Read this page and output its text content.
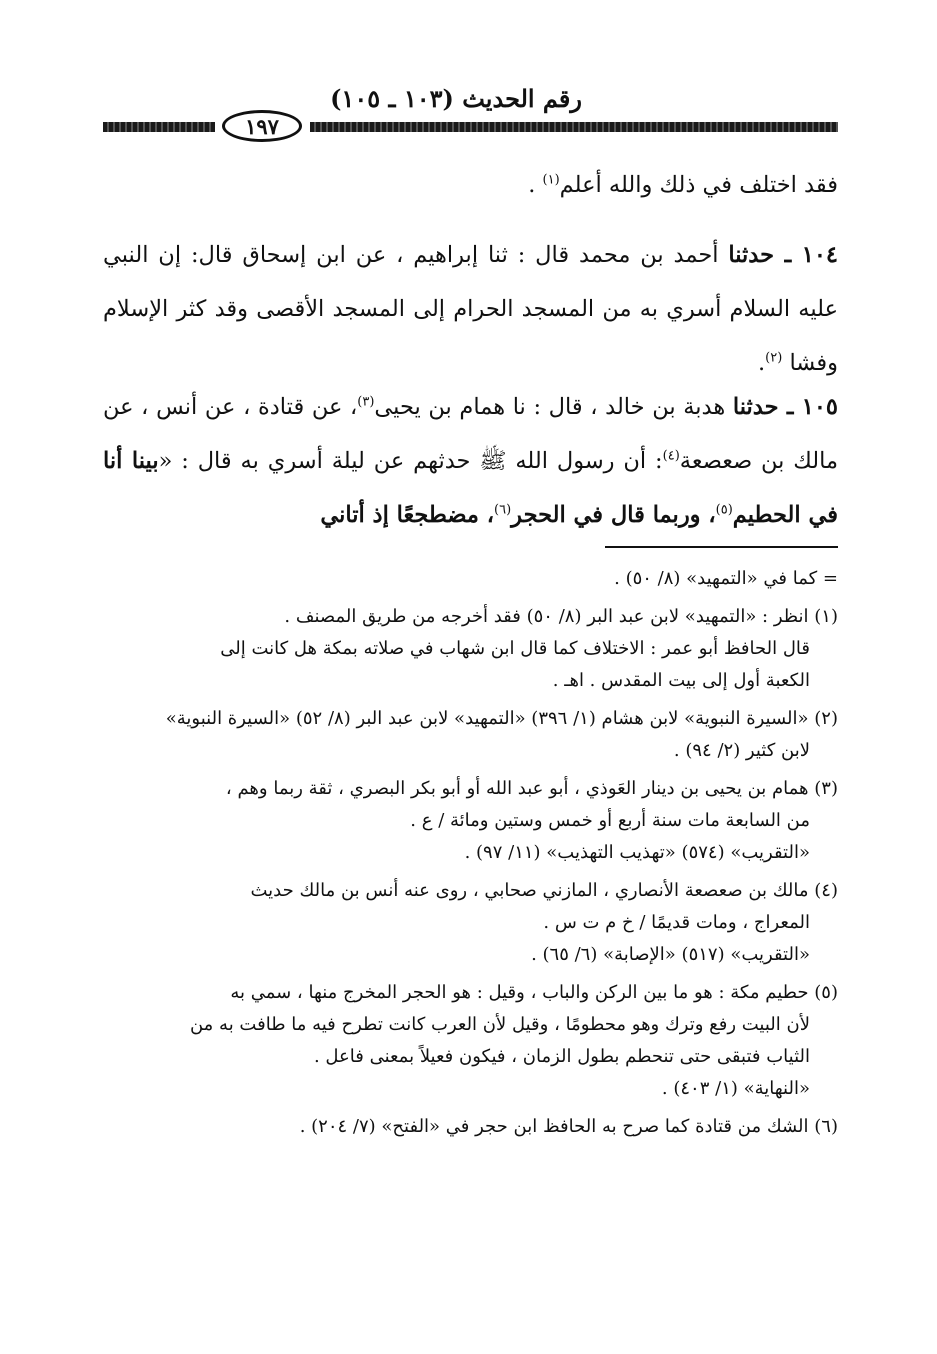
رقم الحديث (١٠٣ ـ ١٠٥)
١٩٧
فقد اختلف في ذلك والله أعلم$^{(١)}$ .
١٠٤ ـ حدثنا أحمد بن محمد قال : ثنا إبراهيم ، عن ابن إسحاق قال: إن النبي عليه السلام أسري به من المسجد الحرام إلى المسجد الأقصى وقد كثر الإسلام وفشا $^{(٢)}$.
١٠٥ ـ حدثنا هدبة بن خالد ، قال : نا همام بن يحيى$^{(٣)}$، عن قتادة ، عن أنس ، عن مالك بن صعصعة$^{(٤)}$: أن رسول الله ﷺ حدثهم عن ليلة أسري به قال : «بينا أنا في الحطيم$^{(٥)}$، وربما قال في الحجر$^{(٦)}$، مضطجعًا إذ أتاني
= كما في «التمهيد» (٨/ ٥٠) .
(١) انظر : «التمهيد» لابن عبد البر (٨/ ٥٠) فقد أخرجه من طريق المصنف .
قال الحافظ أبو عمر : الاختلاف كما قال ابن شهاب في صلاته بمكة هل كانت إلى
الكعبة أول إلى بيت المقدس . اهـ .
(٢) «السيرة النبوية» لابن هشام (١/ ٣٩٦) «التمهيد» لابن عبد البر (٨/ ٥٢) «السيرة النبوية»
لابن كثير (٢/ ٩٤) .
(٣) همام بن يحيى بن دينار العَوذي ، أبو عبد الله أو أبو بكر البصري ، ثقة ربما وهم ،
من السابعة مات سنة أربع أو خمس وستين ومائة / ع .
«التقريب» (٥٧٤) «تهذيب التهذيب» (١١/ ٩٧) .
(٤) مالك بن صعصعة الأنصاري ، المازني صحابي ، روى عنه أنس بن مالك حديث
المعراج ، ومات قديمًا / خ م ت س .
«التقريب» (٥١٧) «الإصابة» (٦/ ٦٥) .
(٥) حطيم مكة : هو ما بين الركن والباب ، وقيل : هو الحجر المخرج منها ، سمي به
لأن البيت رفع وترك وهو محطومًا ، وقيل لأن العرب كانت تطرح فيه ما طافت به من
الثياب فتبقى حتى تنحطم بطول الزمان ، فيكون فعيلاً بمعنى فاعل .
«النهاية» (١/ ٤٠٣) .
(٦) الشك من قتادة كما صرح به الحافظ ابن حجر في «الفتح» (٧/ ٢٠٤) .
